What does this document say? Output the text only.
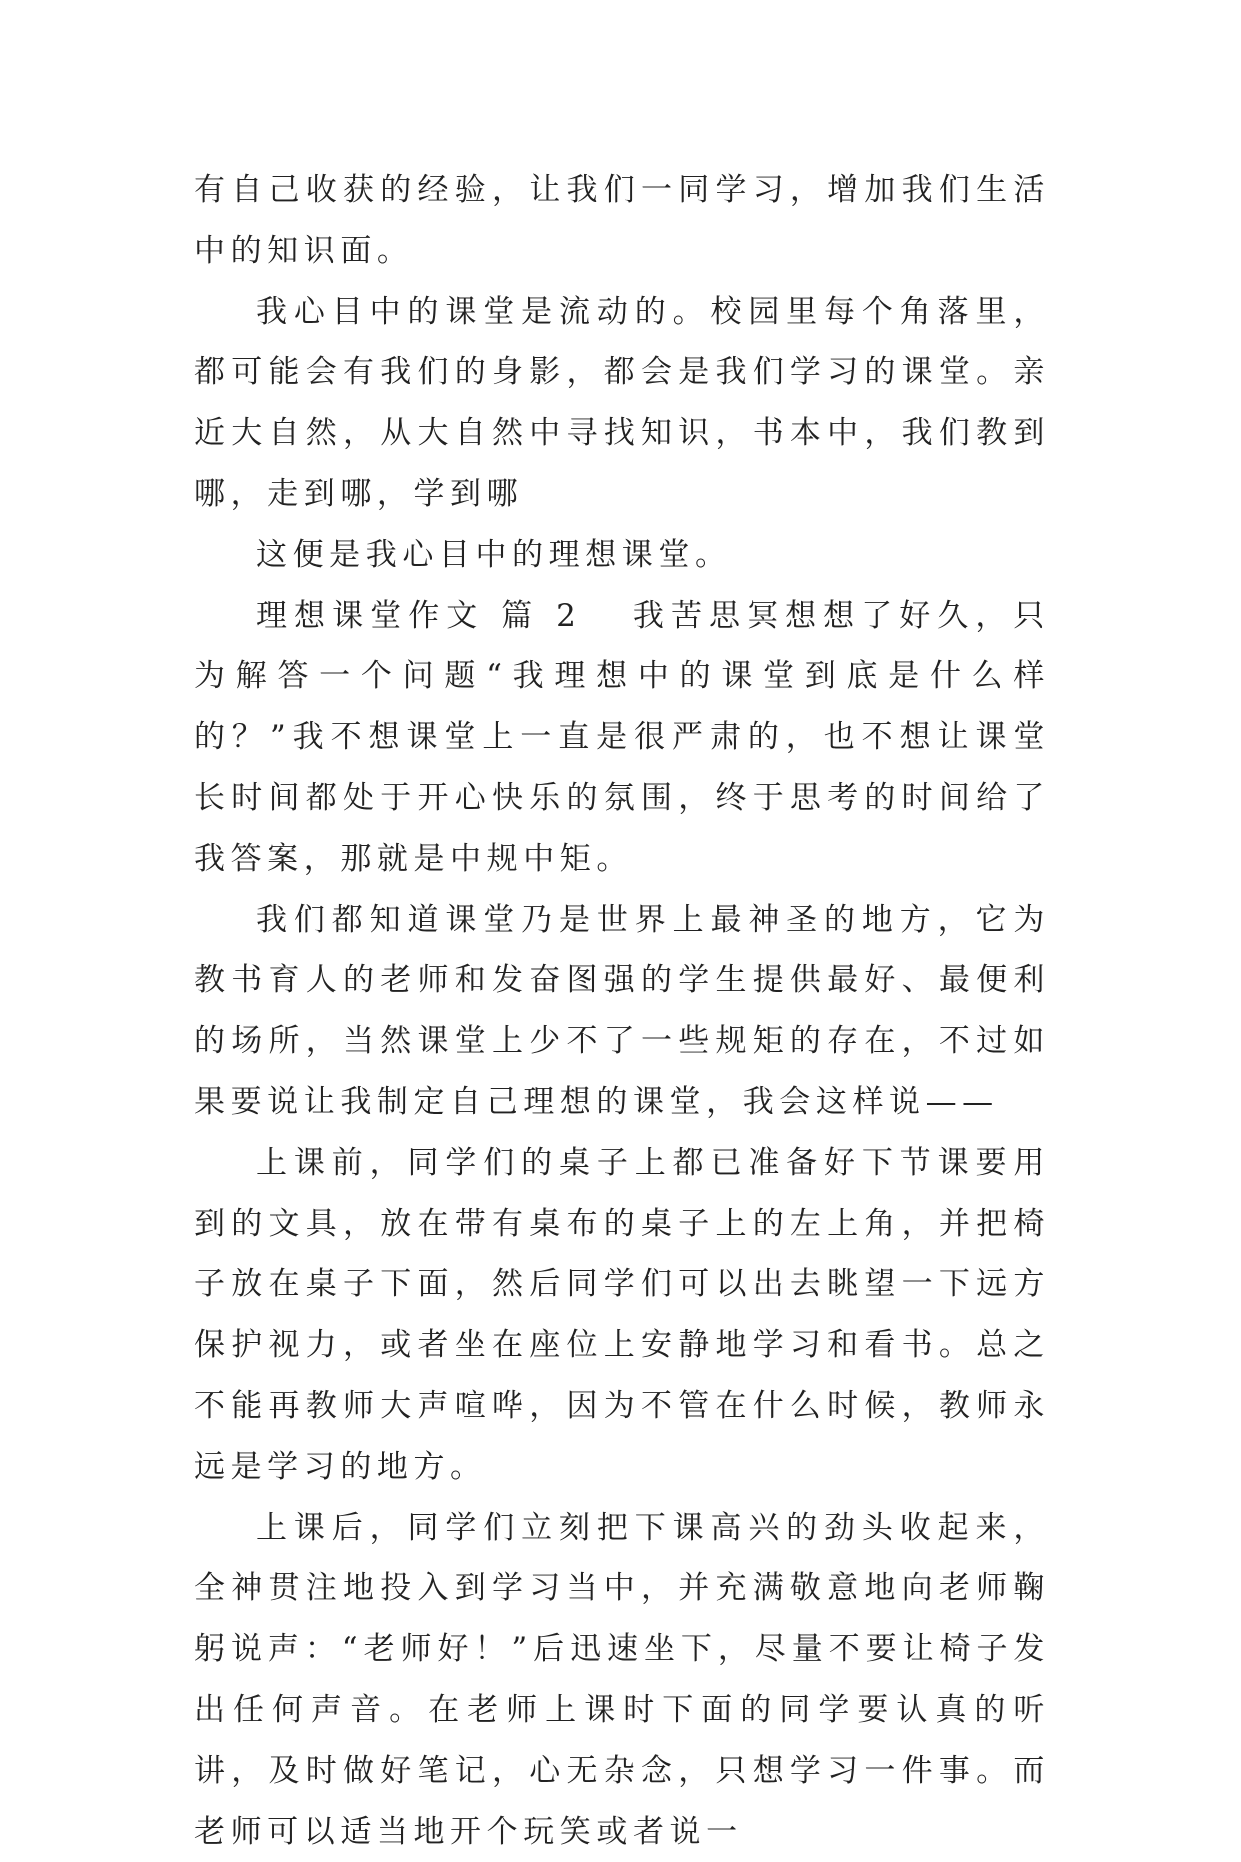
有自己收获的经验，让我们一同学习，增加我们生活中的知识面。

我心目中的课堂是流动的。校园里每个角落里，都可能会有我们的身影，都会是我们学习的课堂。亲近大自然，从大自然中寻找知识，书本中，我们教到哪，走到哪，学到哪

这便是我心目中的理想课堂。

理想课堂作文 篇 2 我苦思冥想想了好久，只为解答一个问题“我理想中的课堂到底是什么样的？”我不想课堂上一直是很严肃的，也不想让课堂长时间都处于开心快乐的氛围，终于思考的时间给了我答案，那就是中规中矩。

我们都知道课堂乃是世界上最神圣的地方，它为教书育人的老师和发奋图强的学生提供最好、最便利的场所，当然课堂上少不了一些规矩的存在，不过如果要说让我制定自己理想的课堂，我会这样说——

上课前，同学们的桌子上都已准备好下节课要用到的文具，放在带有桌布的桌子上的左上角，并把椅子放在桌子下面，然后同学们可以出去眺望一下远方保护视力，或者坐在座位上安静地学习和看书。总之不能再教师大声喧哗，因为不管在什么时候，教师永远是学习的地方。

上课后，同学们立刻把下课高兴的劲头收起来，全神贯注地投入到学习当中，并充满敬意地向老师鞠躬说声：“老师好！”后迅速坐下，尽量不要让椅子发出任何声音。在老师上课时下面的同学要认真的听讲，及时做好笔记，心无杂念，只想学习一件事。而老师可以适当地开个玩笑或者说一
